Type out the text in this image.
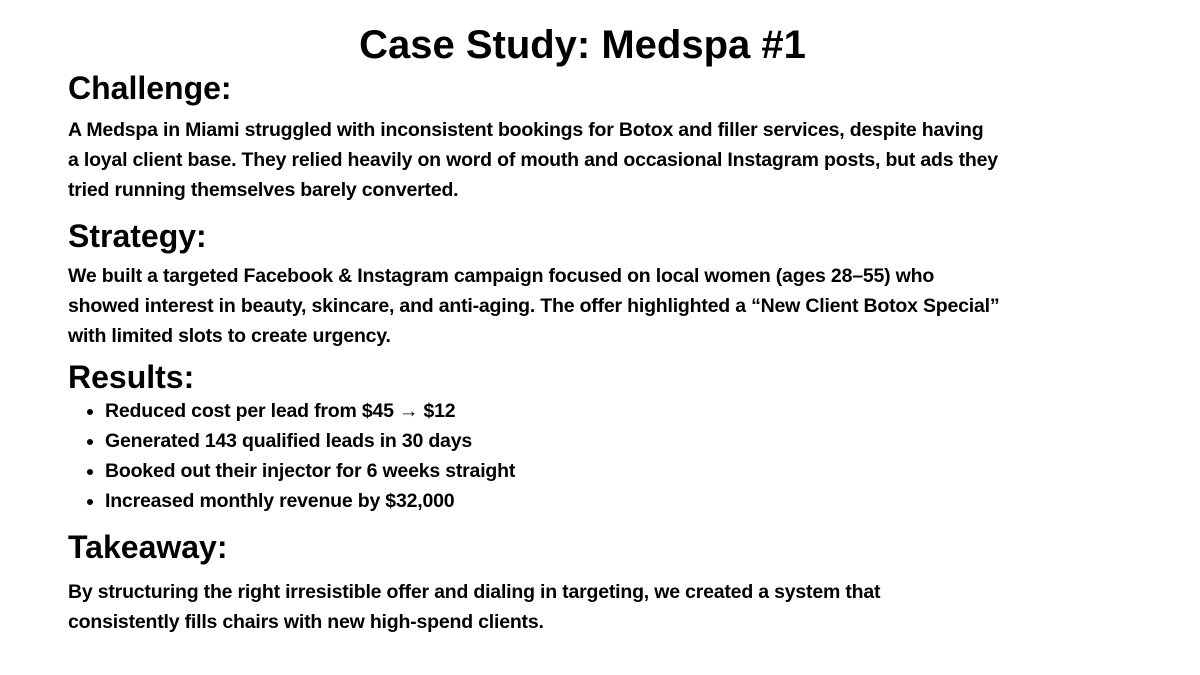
Case Study: Medspa #1
Challenge:

A Medspa in Miami struggled with inconsistent bookings for Botox and filler services, despite having a loyal client base. They relied heavily on word of mouth and occasional Instagram posts, but ads they tried running themselves barely converted.

Strategy:

We built a targeted Facebook & Instagram campaign focused on local women (ages 28–55) who showed interest in beauty, skincare, and anti-aging. The offer highlighted a “New Client Botox Special” with limited slots to create urgency.

Results:
• Reduced cost per lead from $45 → $12
• Generated 143 qualified leads in 30 days
• Booked out their injector for 6 weeks straight
• Increased monthly revenue by $32,000
Takeaway:

By structuring the right irresistible offer and dialing in targeting, we created a system that consistently fills chairs with new high-spend clients.
